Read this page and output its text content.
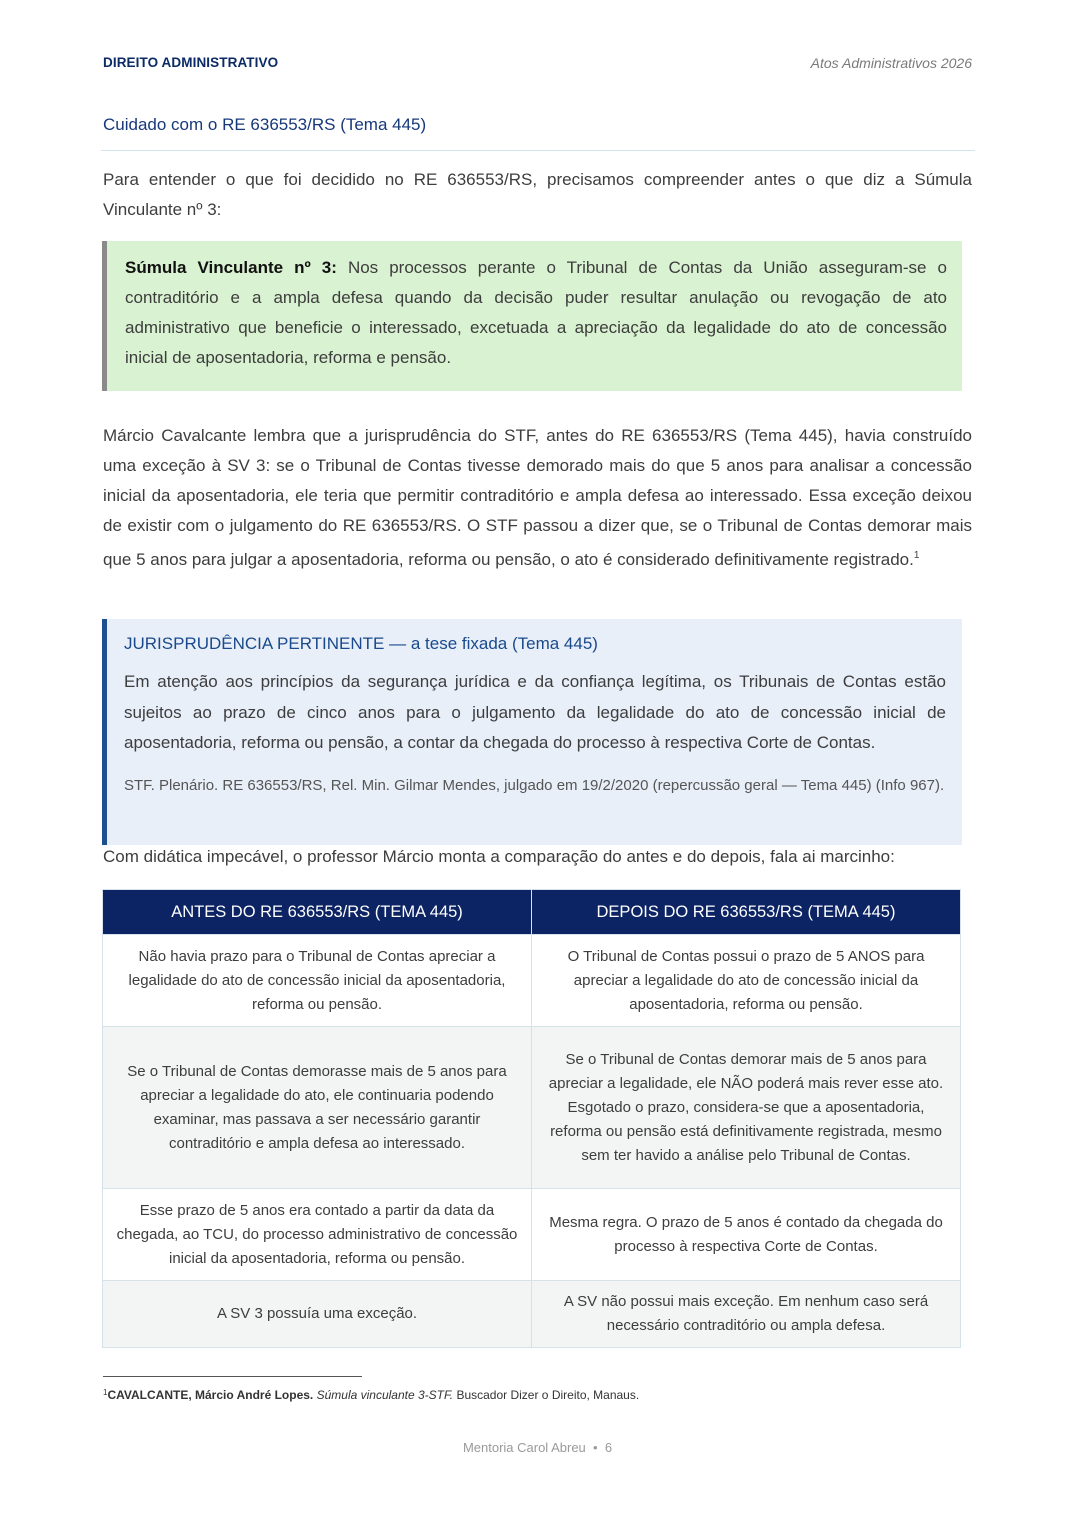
DIREITO ADMINISTRATIVO	Atos Administrativos 2026
Cuidado com o RE 636553/RS (Tema 445)
Para entender o que foi decidido no RE 636553/RS, precisamos compreender antes o que diz a Súmula Vinculante nº 3:
Súmula Vinculante nº 3: Nos processos perante o Tribunal de Contas da União asseguram-se o contraditório e a ampla defesa quando da decisão puder resultar anulação ou revogação de ato administrativo que beneficie o interessado, excetuada a apreciação da legalidade do ato de concessão inicial de aposentadoria, reforma e pensão.
Márcio Cavalcante lembra que a jurisprudência do STF, antes do RE 636553/RS (Tema 445), havia construído uma exceção à SV 3: se o Tribunal de Contas tivesse demorado mais do que 5 anos para analisar a concessão inicial da aposentadoria, ele teria que permitir contraditório e ampla defesa ao interessado. Essa exceção deixou de existir com o julgamento do RE 636553/RS. O STF passou a dizer que, se o Tribunal de Contas demorar mais que 5 anos para julgar a aposentadoria, reforma ou pensão, o ato é considerado definitivamente registrado.$^1$
JURISPRUDÊNCIA PERTINENTE — a tese fixada (Tema 445)
Em atenção aos princípios da segurança jurídica e da confiança legítima, os Tribunais de Contas estão sujeitos ao prazo de cinco anos para o julgamento da legalidade do ato de concessão inicial de aposentadoria, reforma ou pensão, a contar da chegada do processo à respectiva Corte de Contas.
STF. Plenário. RE 636553/RS, Rel. Min. Gilmar Mendes, julgado em 19/2/2020 (repercussão geral — Tema 445) (Info 967).
Com didática impecável, o professor Márcio monta a comparação do antes e do depois, fala ai marcinho:
ANTES DO RE 636553/RS (TEMA 445)	DEPOIS DO RE 636553/RS (TEMA 445)
Não havia prazo para o Tribunal de Contas apreciar a legalidade do ato de concessão inicial da aposentadoria, reforma ou pensão.	O Tribunal de Contas possui o prazo de 5 ANOS para apreciar a legalidade do ato de concessão inicial da aposentadoria, reforma ou pensão.
Se o Tribunal de Contas demorasse mais de 5 anos para apreciar a legalidade do ato, ele continuaria podendo examinar, mas passava a ser necessário garantir contraditório e ampla defesa ao interessado.	Se o Tribunal de Contas demorar mais de 5 anos para apreciar a legalidade, ele NÃO poderá mais rever esse ato. Esgotado o prazo, considera-se que a aposentadoria, reforma ou pensão está definitivamente registrada, mesmo sem ter havido a análise pelo Tribunal de Contas.
Esse prazo de 5 anos era contado a partir da data da chegada, ao TCU, do processo administrativo de concessão inicial da aposentadoria, reforma ou pensão.	Mesma regra. O prazo de 5 anos é contado da chegada do processo à respectiva Corte de Contas.
A SV 3 possuía uma exceção.	A SV não possui mais exceção. Em nenhum caso será necessário contraditório ou ampla defesa.
$^1$CAVALCANTE, Márcio André Lopes. Súmula vinculante 3-STF. Buscador Dizer o Direito, Manaus.
Mentoria Carol Abreu • 6
